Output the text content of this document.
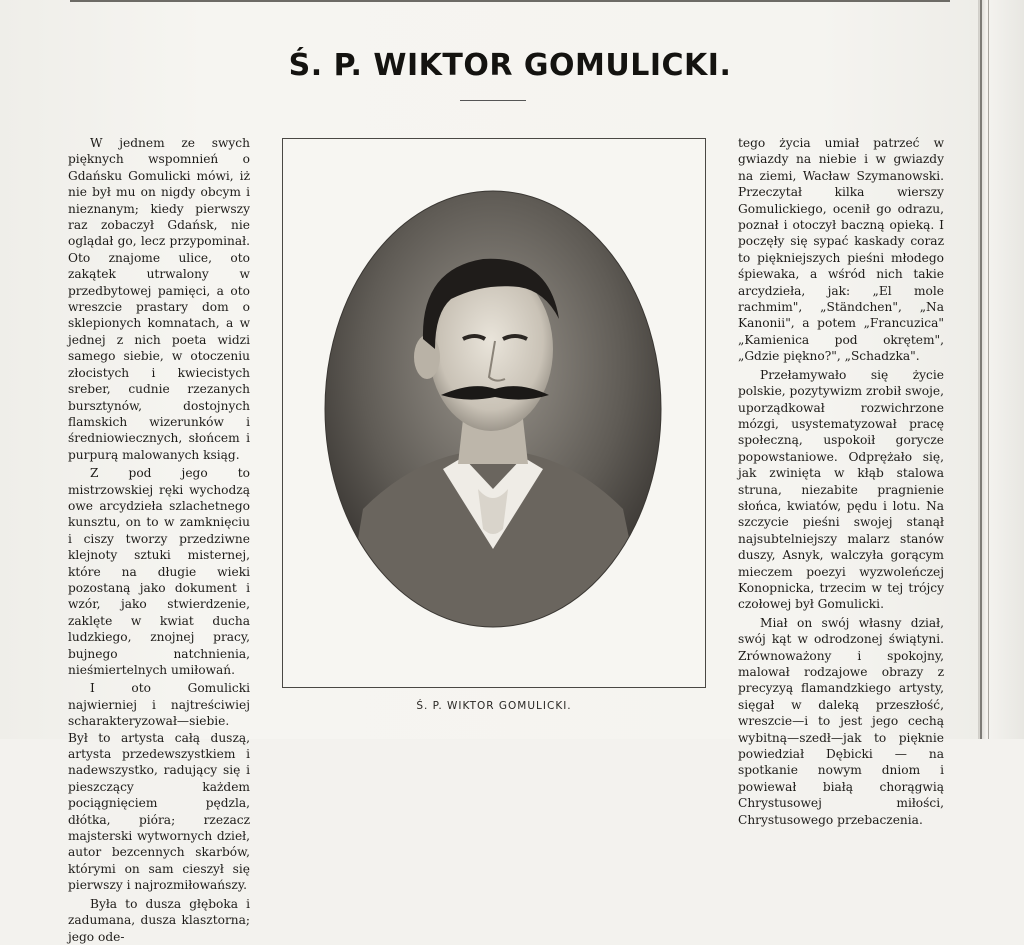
Ś. P. WIKTOR GOMULICKI.

W jednem ze swych pięknych wspomnień o Gdańsku Gomulicki mówi, iż nie był mu on nigdy obcym i nieznanym; kiedy pierwszy raz zobaczył Gdańsk, nie oglądał go, lecz przypominał. Oto znajome ulice, oto zakątek utrwalony w przedbytowej pamięci, a oto wreszcie prastary dom o sklepionych komnatach, a w jednej z nich poeta widzi samego siebie, w otoczeniu złocistych i kwiecistych sreber, cudnie rzezanych bursztynów, dostojnych flamskich wizerunków i średniowiecznych, słońcem i purpurą malowanych ksiąg.

Z pod jego to mistrzowskiej ręki wychodzą owe arcydzieła szlachetnego kunsztu, on to w zamknięciu i ciszy tworzy przedziwne klejnoty sztuki misternej, które na długie wieki pozostaną jako dokument i wzór, jako stwierdzenie, zaklęte w kwiat ducha ludzkiego, znojnej pracy, bujnego natchnienia, nieśmiertelnych umiłowań.

I oto Gomulicki najwierniej i najtreściwiej scharakteryzował—siebie. Był to artysta całą duszą, artysta przedewszystkiem i nadewszystko, radujący się i pieszczący każdem pociągnięciem pędzla, dłótka, pióra; rzezacz majsterski wytwornych dzieł, autor bezcennych skarbów, którymi on sam cieszył się pierwszy i najrozmiłowańszy.

Była to dusza głęboka i zadumana, dusza klasztorna; jego ode-

Ś. P. WIKTOR GOMULICKI.

tego życia umiał patrzeć w gwiazdy na niebie i w gwiazdy na ziemi, Wacław Szymanowski. Przeczytał kilka wierszy Gomulickiego, ocenił go odrazu, poznał i otoczył baczną opieką. I poczęły się sypać kaskady coraz to piękniejszych pieśni młodego śpiewaka, a wśród nich takie arcydzieła, jak: „El mole rachmim", „Ständchen", „Na Kanonii", a potem „Francuzica" „Kamienica pod okrętem", „Gdzie piękno?", „Schadzka".

Przełamywało się życie polskie, pozytywizm zrobił swoje, uporządkował rozwichrzone mózgi, usystematyzował pracę społeczną, uspokoił gorycze popowstaniowe. Odprężało się, jak zwinięta w kłąb stalowa struna, niezabite pragnienie słońca, kwiatów, pędu i lotu. Na szczycie pieśni swojej stanął najsubtelniejszy malarz stanów duszy, Asnyk, walczyła gorącym mieczem poezyi wyzwoleńczej Konopnicka, trzecim w tej trójcy czołowej był Gomulicki.

Miał on swój własny dział, swój kąt w odrodzonej świątyni. Zrównoważony i spokojny, malował rodzajowe obrazy z precyzyą flamandzkiego artysty, sięgał w daleką przeszłość, wreszcie—i to jest jego cechą wybitną—szedł—jak to pięknie powiedział Dębicki — na spotkanie nowym dniom i powiewał białą chorągwią Chrystusowej miłości, Chrystusowego przebaczenia.
